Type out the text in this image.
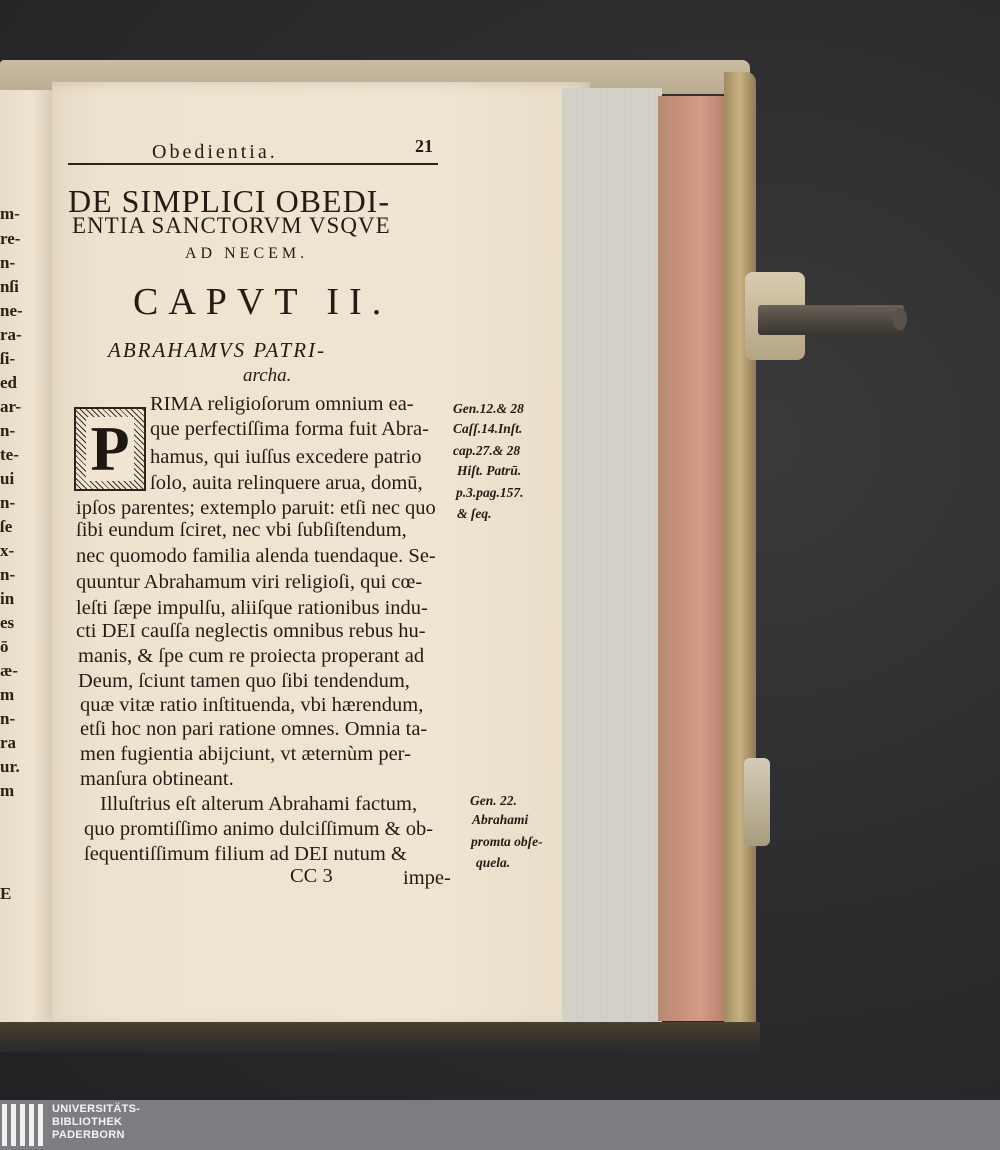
m-
re-
n-
nſi
ne-
ra-
ſi-
ed
ar-
n-
te-
ui
n-
ſe
x-
n-
in
es
ō
æ-
m
n-
ra
ur.
m
E
Obedientia.	21
DE SIMPLICI OBEDI-
ENTIA SANCTORVM VSQVE
AD NECEM.
CAPVT II.
ABRAHAMVS PATRI-
archa.
P
RIMA religioſorum omnium ea-
que perfectiſſima forma fuit Abra-
hamus, qui iuſſus excedere patrio
ſolo, auita relinquere arua, domū,
ipſos parentes; extemplo paruit: etſi nec quo
ſibi eundum ſciret, nec vbi ſubſiſtendum,
nec quomodo familia alenda tuendaque. Se-
quuntur Abrahamum viri religioſi, qui cœ-
leſti ſæpe impulſu, aliiſque rationibus indu-
cti DEI cauſſa neglectis omnibus rebus hu-
manis, & ſpe cum re proiecta properant ad
Deum, ſciunt tamen quo ſibi tendendum,
quæ vitæ ratio inſtituenda, vbi hærendum,
etſi hoc non pari ratione omnes. Omnia ta-
men fugientia abijciunt, vt æternùm per-
manſura obtineant.
Illuſtrius eſt alterum Abrahami factum,
quo promtiſſimo animo dulciſſimum & ob-
ſequentiſſimum filium ad DEI nutum &
CC 3	impe-
Gen.12.& 28
Caſſ.14.Inſt.
cap.27.& 28
Hiſt. Patrū.
p.3.pag.157.
& ſeq.
Gen. 22.
Abrahami
promta obſe-
quela.
UNIVERSITÄTS-
BIBLIOTHEK
PADERBORN
